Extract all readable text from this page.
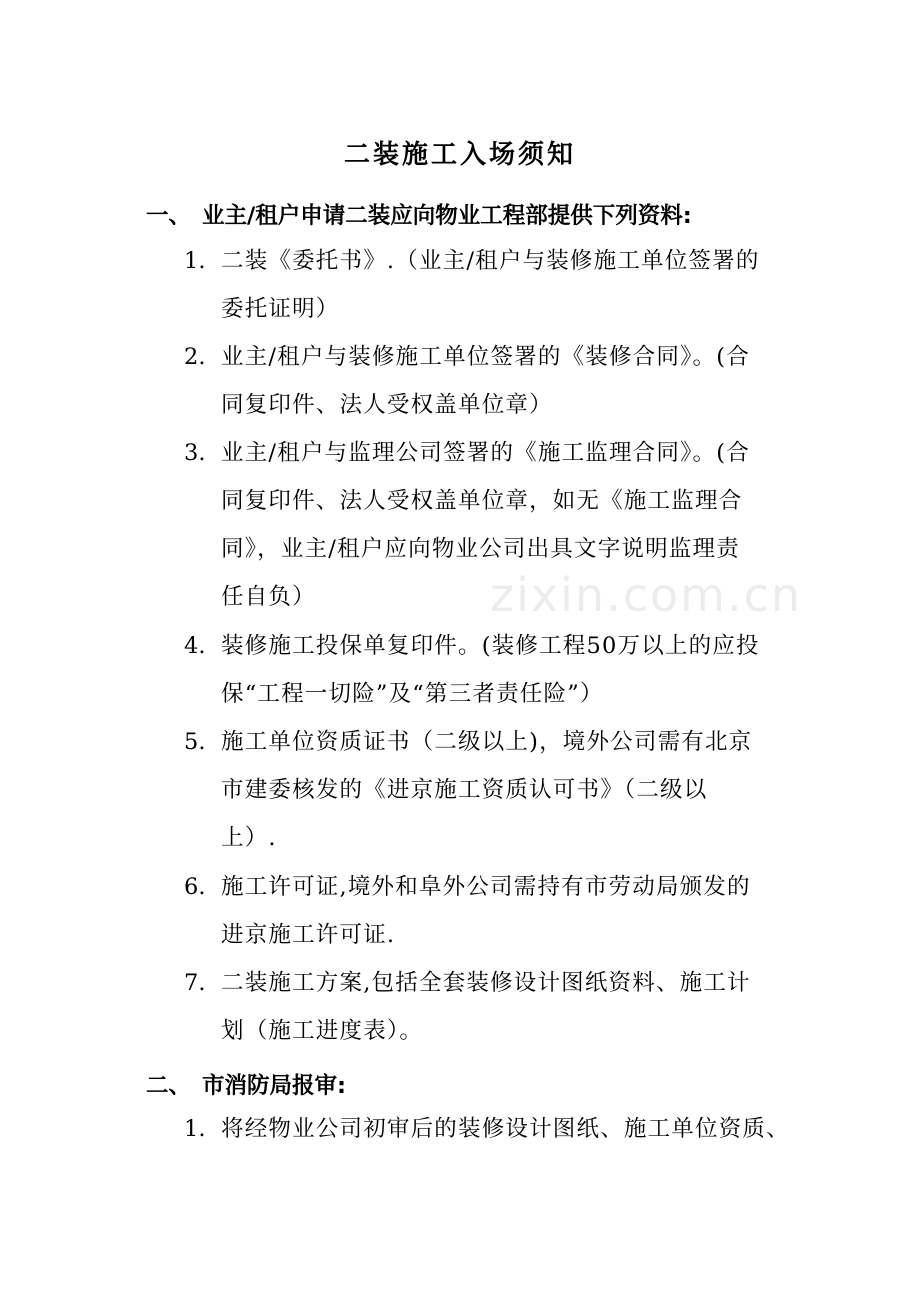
zixin.com.cn
二装施工入场须知
一、 业主/租户申请二装应向物业工程部提供下列资料:
1. 二装《委托书》.（业主/租户与装修施工单位签署的
委托证明）
2. 业主/租户与装修施工单位签署的《装修合同》。(合
同复印件、法人受权盖单位章）
3. 业主/租户与监理公司签署的《施工监理合同》。(合
同复印件、法人受权盖单位章，如无《施工监理合
同》，业主/租户应向物业公司出具文字说明监理责
任自负）
4. 装修施工投保单复印件。(装修工程50万以上的应投
保“工程一切险”及“第三者责任险”）
5. 施工单位资质证书（二级以上)，境外公司需有北京
市建委核发的《进京施工资质认可书》（二级以
上）.
6. 施工许可证,境外和阜外公司需持有市劳动局颁发的
进京施工许可证.
7. 二装施工方案,包括全套装修设计图纸资料、施工计
划（施工进度表）。
二、 市消防局报审:
1. 将经物业公司初审后的装修设计图纸、施工单位资质、
